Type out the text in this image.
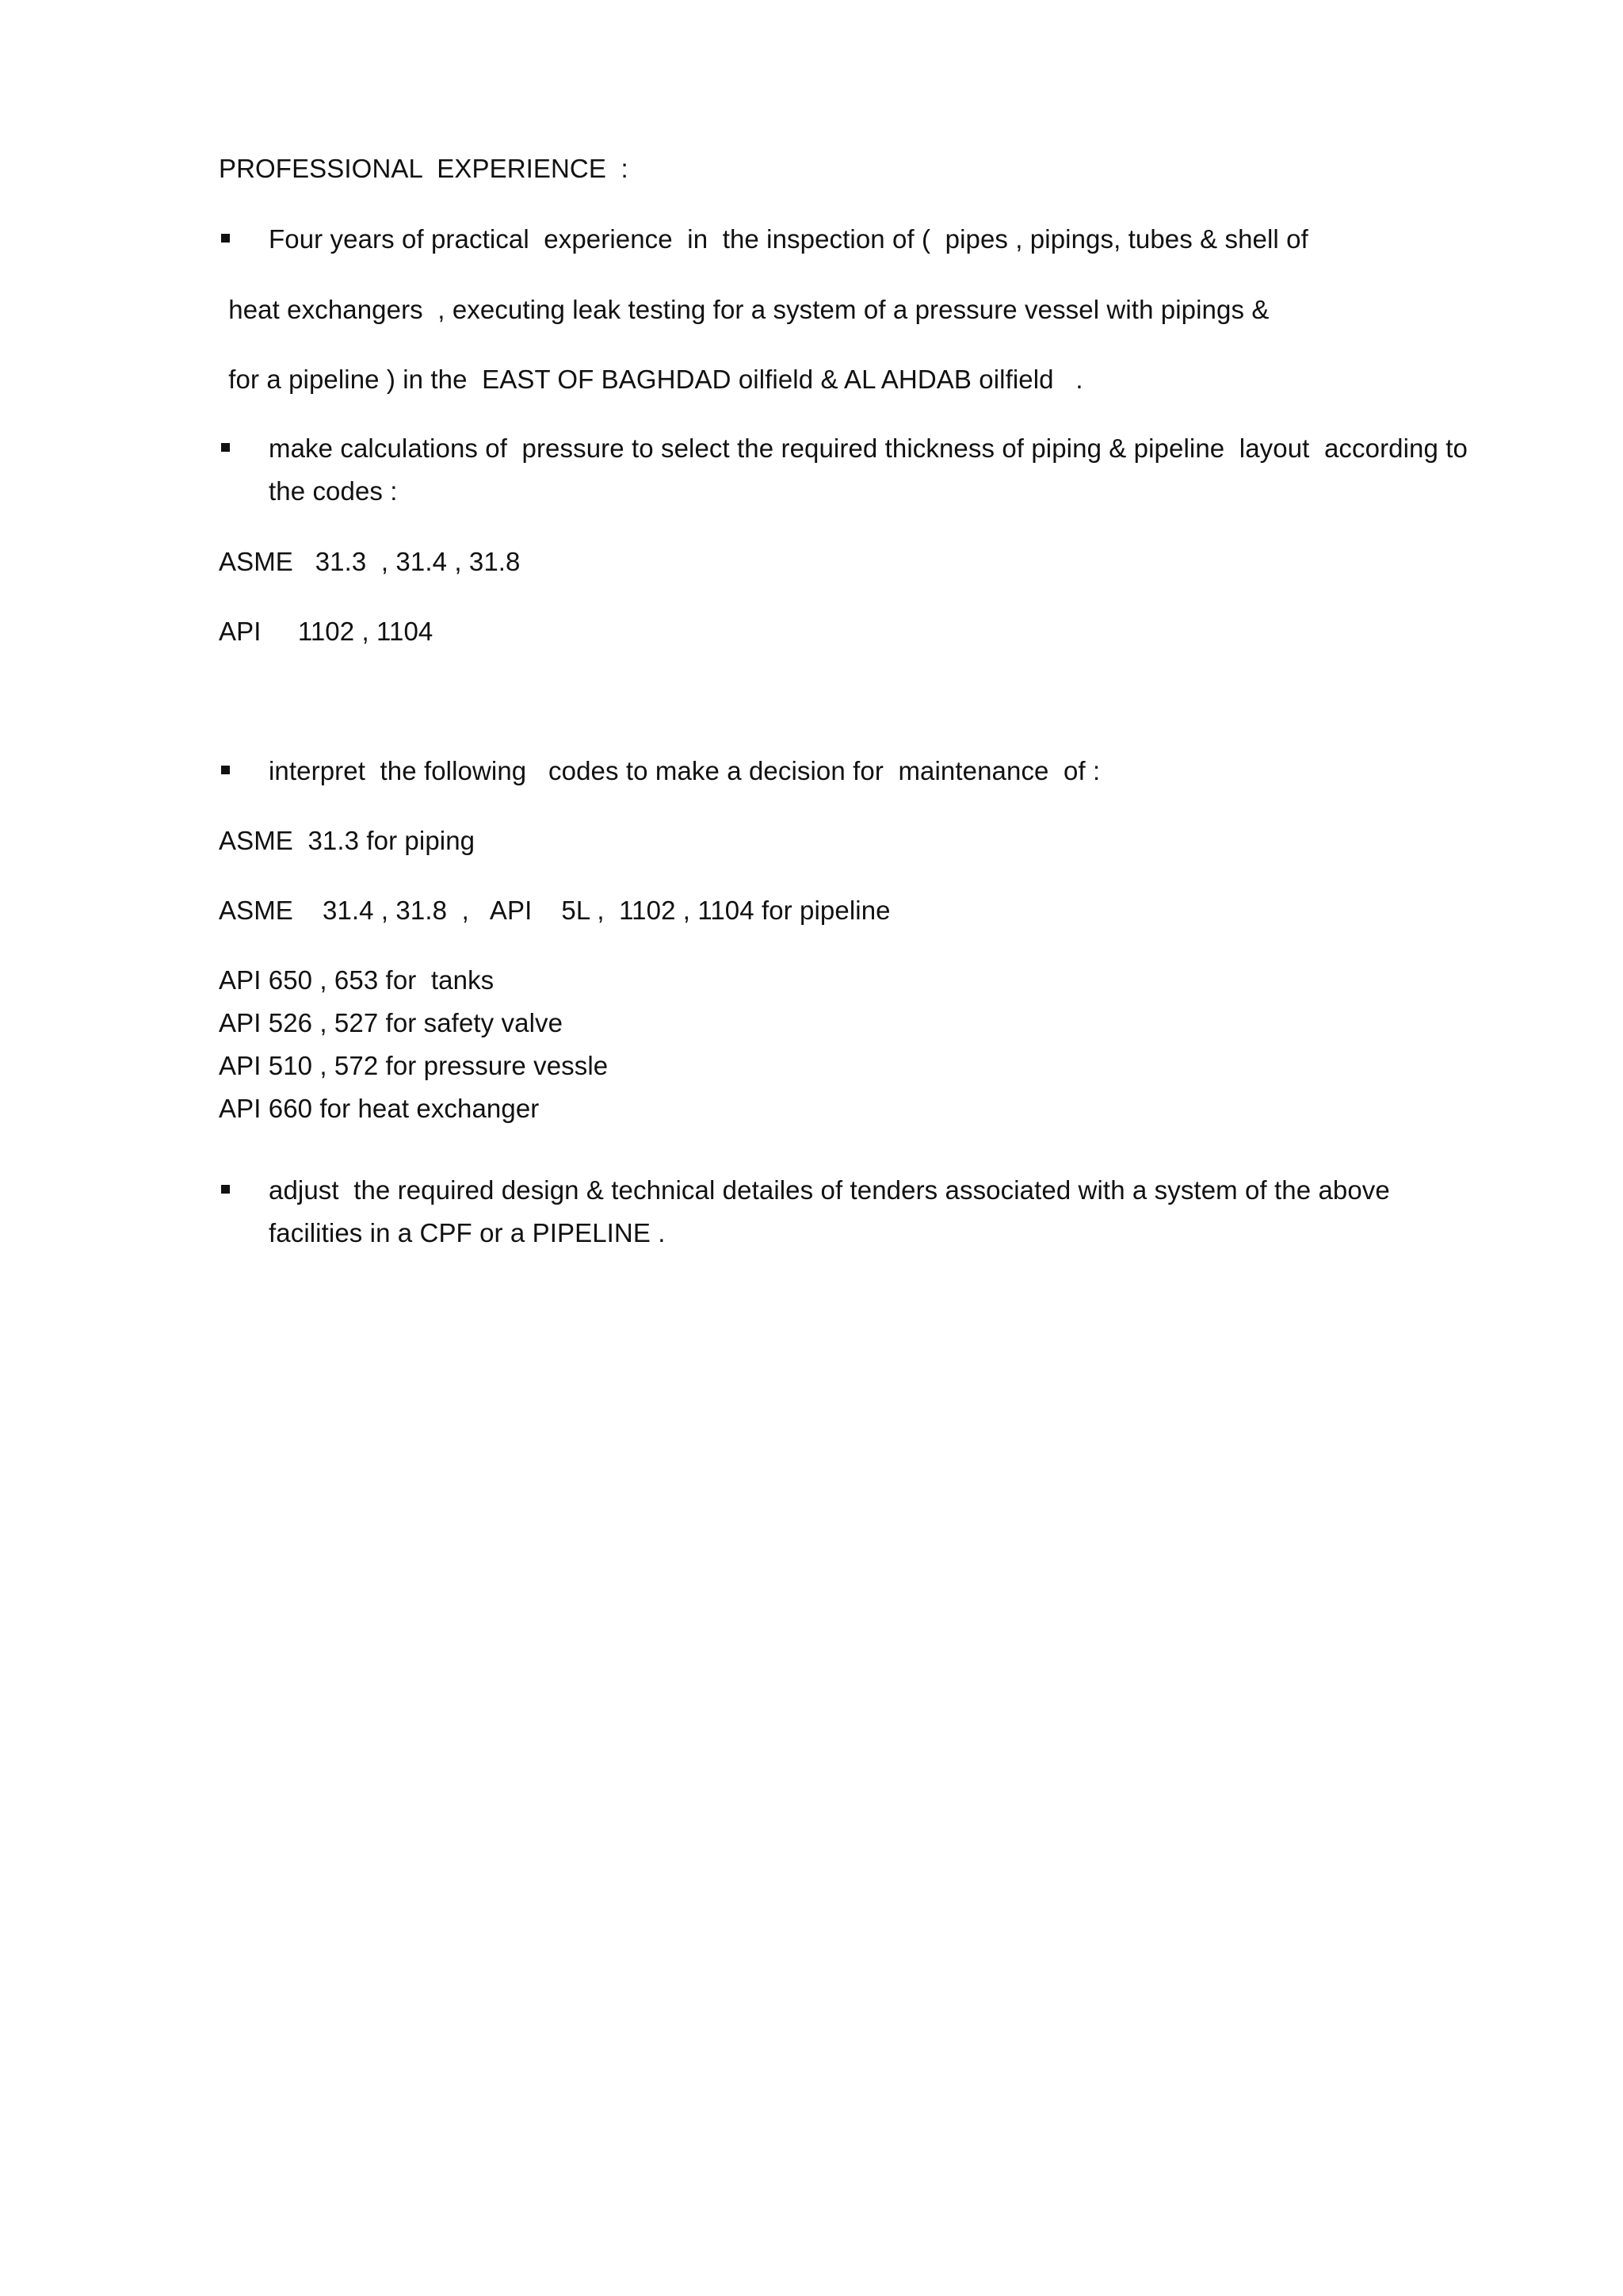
PROFESSIONAL  EXPERIENCE  :
Four years of practical  experience  in  the inspection of (  pipes , pipings, tubes & shell of
heat exchangers  , executing leak testing for a system of a pressure vessel with pipings &
for a pipeline ) in the  EAST OF BAGHDAD oilfield & AL AHDAB oilfield   .
make calculations of  pressure to select the required thickness of piping & pipeline  layout  according to
the codes :
ASME   31.3  , 31.4 , 31.8
API     1102 , 1104
interpret  the following   codes to make a decision for  maintenance  of :
ASME  31.3 for piping
ASME    31.4 , 31.8  ,   API    5L ,  1102 , 1104 for pipeline
API 650 , 653 for  tanks
API 526 , 527 for safety valve
API 510 , 572 for pressure vessle
API 660 for heat exchanger
adjust  the required design & technical detailes of tenders associated with a system of the above
facilities in a CPF or a PIPELINE .
